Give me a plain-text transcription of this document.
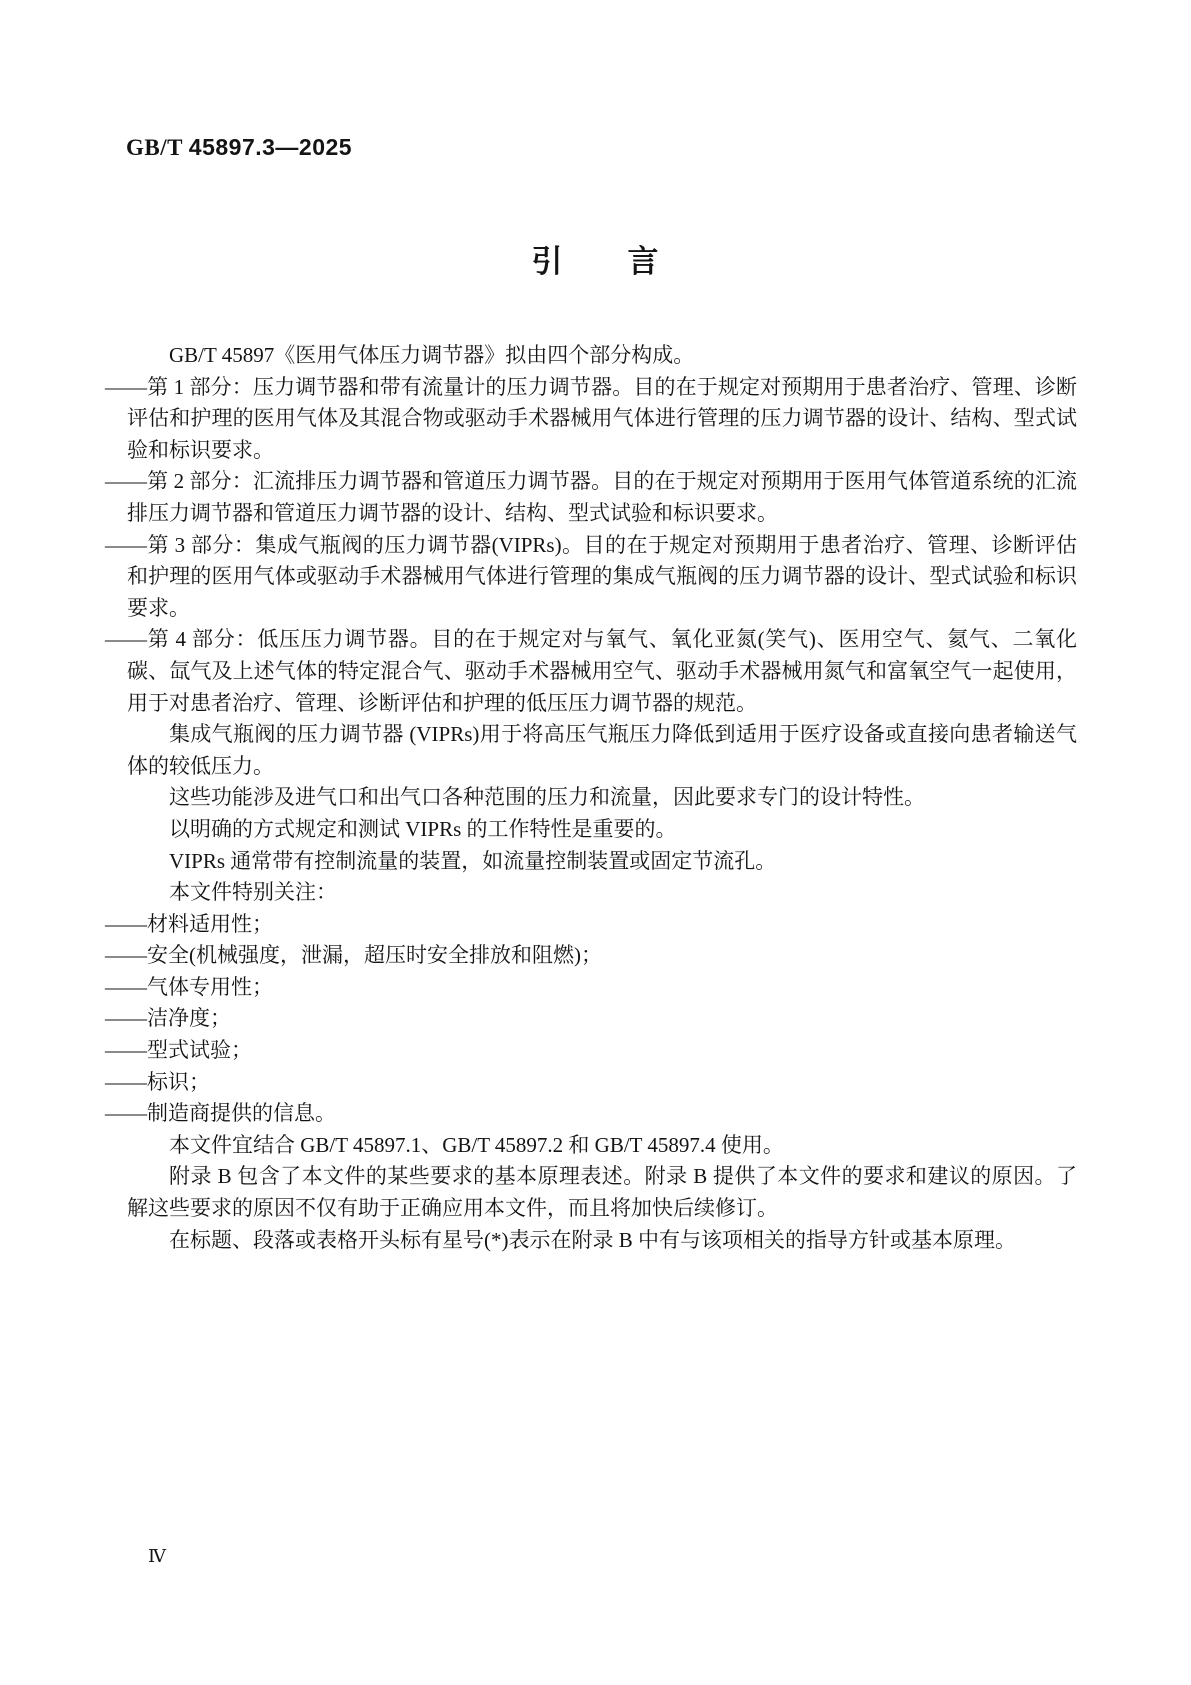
GB/T 45897.3—2025
引　　言

GB/T 45897《医用气体压力调节器》拟由四个部分构成。

——第 1 部分：压力调节器和带有流量计的压力调节器。目的在于规定对预期用于患者治疗、管理、诊断评估和护理的医用气体及其混合物或驱动手术器械用气体进行管理的压力调节器的设计、结构、型式试验和标识要求。

——第 2 部分：汇流排压力调节器和管道压力调节器。目的在于规定对预期用于医用气体管道系统的汇流排压力调节器和管道压力调节器的设计、结构、型式试验和标识要求。

——第 3 部分：集成气瓶阀的压力调节器(VIPRs)。目的在于规定对预期用于患者治疗、管理、诊断评估和护理的医用气体或驱动手术器械用气体进行管理的集成气瓶阀的压力调节器的设计、型式试验和标识要求。

——第 4 部分：低压压力调节器。目的在于规定对与氧气、氧化亚氮(笑气)、医用空气、氦气、二氧化碳、氙气及上述气体的特定混合气、驱动手术器械用空气、驱动手术器械用氮气和富氧空气一起使用，用于对患者治疗、管理、诊断评估和护理的低压压力调节器的规范。

集成气瓶阀的压力调节器 (VIPRs)用于将高压气瓶压力降低到适用于医疗设备或直接向患者输送气体的较低压力。

这些功能涉及进气口和出气口各种范围的压力和流量，因此要求专门的设计特性。

以明确的方式规定和测试 VIPRs 的工作特性是重要的。

VIPRs 通常带有控制流量的装置，如流量控制装置或固定节流孔。

本文件特别关注：

——材料适用性；

——安全(机械强度，泄漏，超压时安全排放和阻燃)；

——气体专用性；

——洁净度；

——型式试验；

——标识；

——制造商提供的信息。

本文件宜结合 GB/T 45897.1、GB/T 45897.2 和 GB/T 45897.4 使用。

附录 B 包含了本文件的某些要求的基本原理表述。附录 B 提供了本文件的要求和建议的原因。了解这些要求的原因不仅有助于正确应用本文件，而且将加快后续修订。

在标题、段落或表格开头标有星号(*)表示在附录 B 中有与该项相关的指导方针或基本原理。

Ⅳ
